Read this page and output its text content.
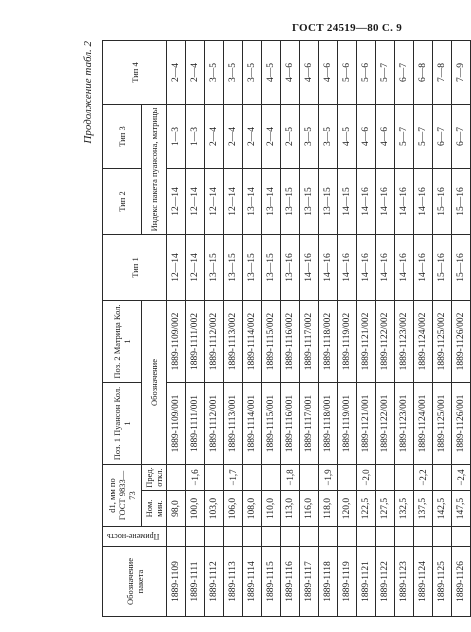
ГОСТ 24519—80 С. 9
Продолжение табл. 2
Обозначение пакета	Примене-ность	d1, мм по ГОСТ 9833—73		Поз. 1 Пуансон Кол. 1	Поз. 2 Матрица Кол. 1	Тип 1	Тип 2	Тип 3	Тип 4
		Ном. мин.	Пред. откл.	Обозначение			Индекс пакета пуансона, матрицы		
1889-1109		98,0		1889-1109/001	1889-1109/002	12—14	12—14	1—3	2—4
1889-1111		100,0	−1,6	1889-1111/001	1889-1111/002	12—14	12—14	1—3	2—4
1889-1112		103,0		1889-1112/001	1889-1112/002	13—15	12—14	2—4	3—5
1889-1113		106,0	−1,7	1889-1113/001	1889-1113/002	13—15	12—14	2—4	3—5
1889-1114		108,0		1889-1114/001	1889-1114/002	13—15	13—14	2—4	3—5
1889-1115		110,0		1889-1115/001	1889-1115/002	13—15	13—14	2—4	4—5
1889-1116		113,0	−1,8	1889-1116/001	1889-1116/002	13—16	13—15	2—5	4—6
1889-1117		116,0		1889-1117/001	1889-1117/002	14—16	13—15	3—5	4—6
1889-1118		118,0	−1,9	1889-1118/001	1889-1118/002	14—16	13—15	3—5	4—6
1889-1119		120,0		1889-1119/001	1889-1119/002	14—16	14—15	4—5	5—6
1889-1121		122,5	−2,0	1889-1121/001	1889-1121/002	14—16	14—16	4—6	5—6
1889-1122		127,5		1889-1122/001	1889-1122/002	14—16	14—16	4—6	5—7
1889-1123		132,5		1889-1123/001	1889-1123/002	14—16	14—16	5—7	6—7
1889-1124		137,5	−2,2	1889-1124/001	1889-1124/002	14—16	14—16	5—7	6—8
1889-1125		142,5		1889-1125/001	1889-1125/002	15—16	15—16	6—7	7—8
1889-1126		147,5	−2,4	1889-1126/001	1889-1126/002	15—16	15—16	6—7	7—9
